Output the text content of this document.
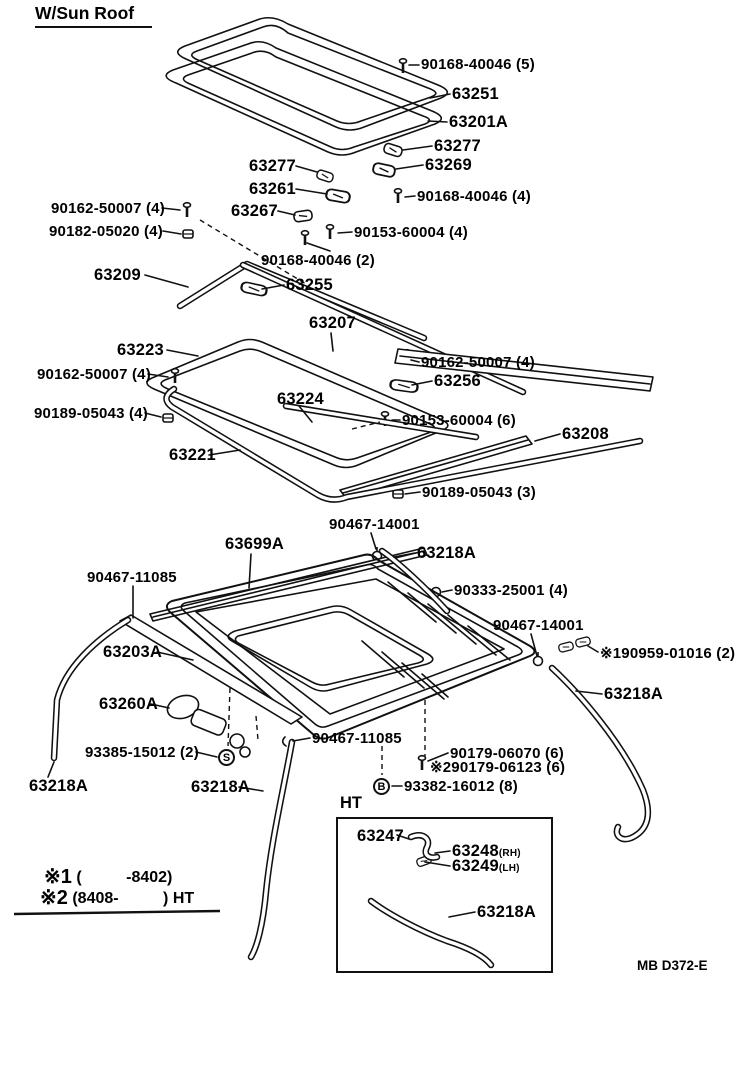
W/Sun Roof
90168-40046 (5)
63251
63201A
63277
63269
63277
63261	90168-40046 (4)
63267
90162-50007 (4)
90182-05020 (4)	90153-60004 (4)
90168-40046 (2)
63209
63255
63207
63223
90162-50007 (4)
63256
90162-50007 (4)
63224
90189-05043 (4)	90153-60004 (6)
63208
63221
90189-05043 (3)
90467-14001
63699A	63218A
90467-11085
90333-25001 (4)
90467-14001
63203A	※190959-01016 (2)
63218A
63260A
90467-11085
93385-15012 (2)	90179-06070 (6)
※290179-06123 (6)
93382-16012 (8)
63218A	63218A
63247
63248(RH)
63249(LH)
63218A
S
B
HT
※1 (          -8402)
※2 (8408-          ) HT
MB D372-E
